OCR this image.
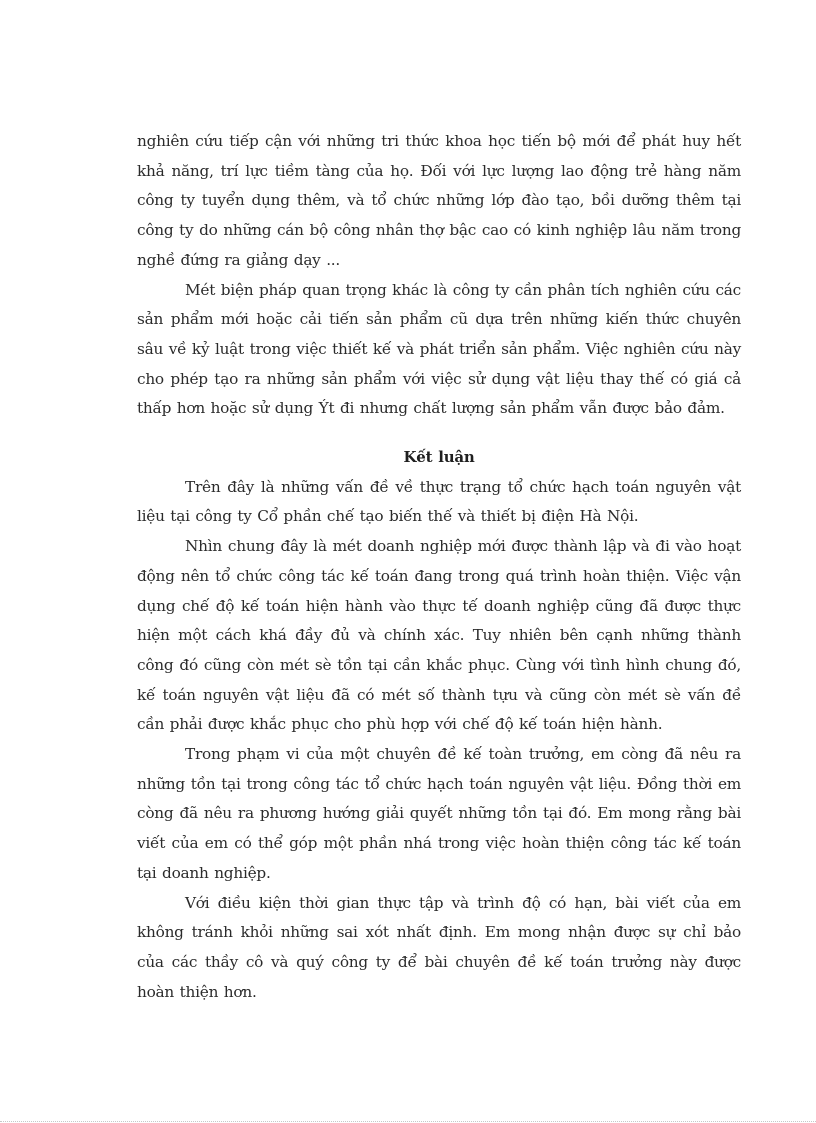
nghiên cứu tiếp cận với những tri thức khoa học tiến bộ mới để phát huy hết khả năng, trí lực tiềm tàng của họ. Đối với lực lượng lao động trẻ hàng năm công ty tuyển dụng thêm, và tổ chức những lớp đào tạo, bồi dưỡng thêm tại công ty do những cán bộ công nhân thợ bậc cao có kinh nghiệp lâu năm trong nghề đứng ra giảng dạy ...

Mét biện pháp quan trọng khác là công ty cần phân tích nghiên cứu các sản phẩm mới hoặc cải tiến sản phẩm cũ dựa trên những kiến thức chuyên sâu về kỷ luật trong việc thiết kế và phát triển sản phẩm. Việc nghiên cứu này cho phép tạo ra những sản phẩm với việc sử dụng vật liệu thay thế có giá cả thấp hơn hoặc sử dụng Ýt đi nhưng chất lượng sản phẩm vẫn được bảo đảm.

Kết luận

Trên đây là những vấn đề về thực trạng tổ chức hạch toán nguyên vật liệu tại công ty Cổ phần chế tạo biến thế và thiết bị điện Hà Nội.

Nhìn chung đây là mét doanh nghiệp mới được thành lập và đi vào hoạt động nên tổ chức công tác kế toán đang trong quá trình hoàn thiện. Việc vận dụng chế độ kế toán hiện hành vào thực tế doanh nghiệp cũng đã được thực hiện một cách khá đầy đủ và chính xác. Tuy nhiên bên cạnh những thành công đó cũng còn mét sè tồn tại cần khắc phục. Cùng với tình hình chung đó, kế toán nguyên vật liệu đã có mét số thành tựu và cũng còn mét sè vấn đề cần phải được khắc phục cho phù hợp với chế độ kế toán hiện hành.

Trong phạm vi của một chuyên đề kế toàn trưởng, em còng đã nêu ra những tồn tại trong công tác tổ chức hạch toán nguyên vật liệu. Đồng thời em còng đã nêu ra phương hướng giải quyết những tồn tại đó. Em mong rằng bài viết của em có thể góp một phần nhá trong việc hoàn thiện công tác kế toán tại doanh nghiệp.

Với điều kiện thời gian thực tập và trình độ có hạn, bài viết của em không tránh khỏi những sai xót nhất định. Em mong nhận được sự chỉ bảo của các thầy cô và quý công ty để bài chuyên đề kế toán trưởng này được hoàn thiện hơn.
